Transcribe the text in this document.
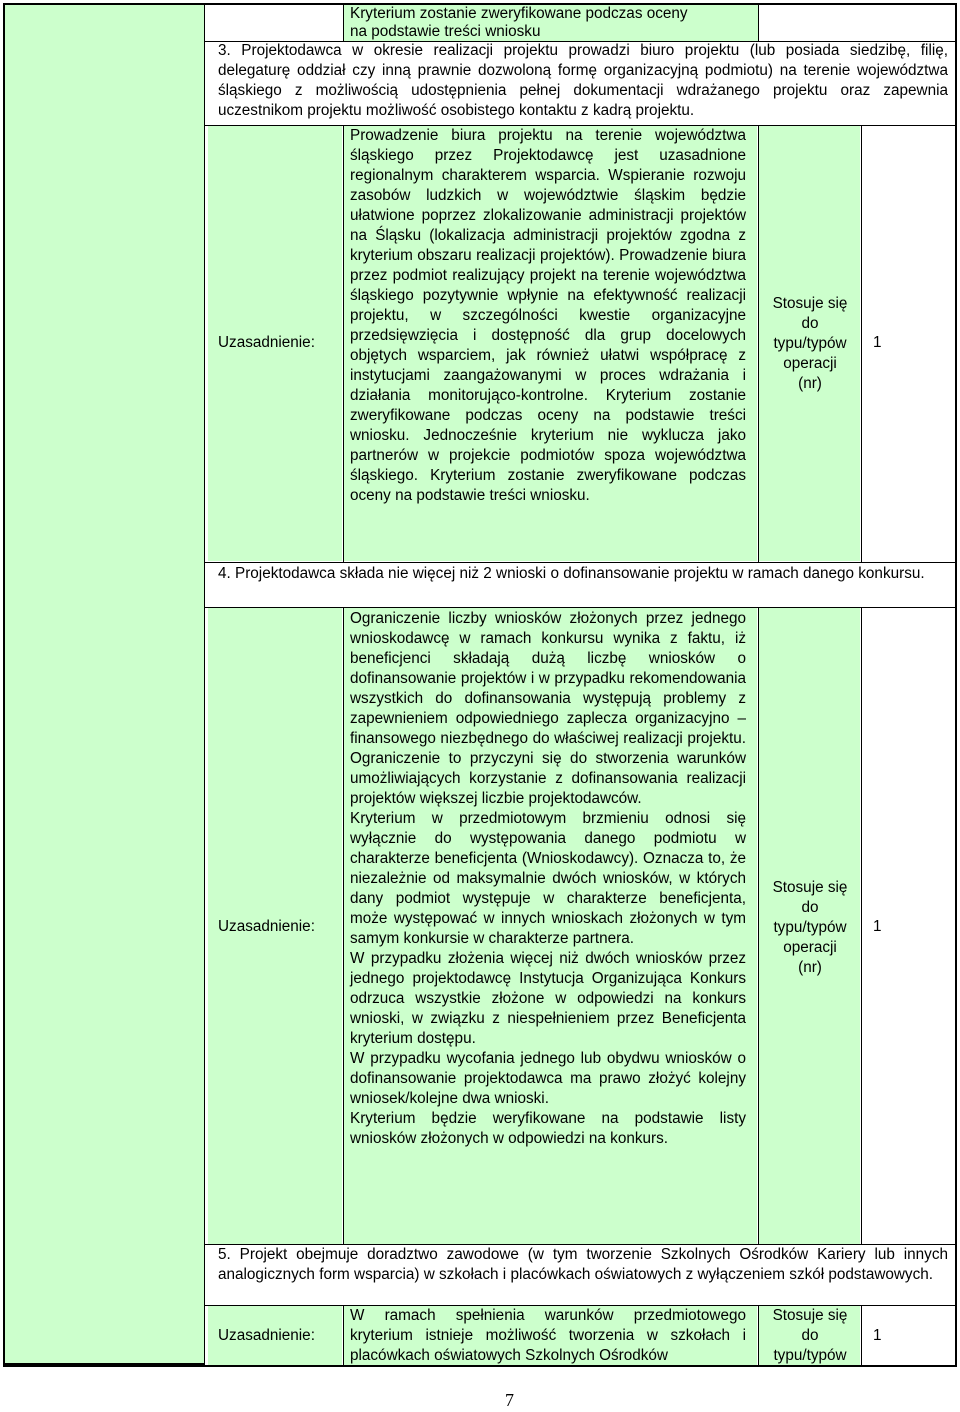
Kryterium zostanie zweryfikowane podczas oceny
na podstawie treści wniosku
3. Projektodawca w okresie realizacji projektu prowadzi biuro projektu (lub posiada siedzibę, filię, delegaturę oddział czy inną prawnie dozwoloną formę organizacyjną podmiotu) na terenie województwa śląskiego z możliwością udostępnienia pełnej dokumentacji wdrażanego projektu oraz zapewnia uczestnikom projektu możliwość osobistego kontaktu z kadrą projektu.
Uzasadnienie:
Prowadzenie biura projektu na terenie województwa śląskiego przez Projektodawcę jest uzasadnione regionalnym charakterem wsparcia. Wspieranie rozwoju zasobów ludzkich w województwie śląskim będzie ułatwione poprzez zlokalizowanie administracji projektów na Śląsku (lokalizacja administracji projektów zgodna z kryterium obszaru realizacji projektów). Prowadzenie biura przez podmiot realizujący projekt na terenie województwa śląskiego pozytywnie wpłynie na efektywność realizacji projektu, w szczególności kwestie organizacyjne przedsięwzięcia i dostępność dla grup docelowych objętych wsparciem, jak również ułatwi współpracę z instytucjami zaangażowanymi w proces wdrażania i działania monitorująco-kontrolne. Kryterium zostanie zweryfikowane podczas oceny na podstawie treści wniosku. Jednocześnie kryterium nie wyklucza jako partnerów w projekcie podmiotów spoza województwa śląskiego. Kryterium zostanie zweryfikowane podczas oceny na podstawie treści wniosku.
Stosuje się
do
typu/typów
operacji
(nr)
1
4. Projektodawca składa nie więcej niż 2 wnioski o dofinansowanie projektu w ramach danego konkursu.
Uzasadnienie:
Ograniczenie liczby wniosków złożonych przez jednego wnioskodawcę w ramach konkursu wynika z faktu, iż beneficjenci składają dużą liczbę wniosków o dofinansowanie projektów i w przypadku rekomendowania wszystkich do dofinansowania występują problemy z zapewnieniem odpowiedniego zaplecza organizacyjno – finansowego niezbędnego do właściwej realizacji projektu. Ograniczenie to przyczyni się do stworzenia warunków umożliwiających korzystanie z dofinansowania realizacji projektów większej liczbie projektodawców.
Kryterium w przedmiotowym brzmieniu odnosi się wyłącznie do występowania danego podmiotu w charakterze beneficjenta (Wnioskodawcy). Oznacza to, że niezależnie od maksymalnie dwóch wniosków, w których dany podmiot występuje w charakterze beneficjenta, może występować w innych wnioskach złożonych w tym samym konkursie w charakterze partnera.
W przypadku złożenia więcej niż dwóch wniosków przez jednego projektodawcę Instytucja Organizująca Konkurs odrzuca wszystkie złożone w odpowiedzi na konkurs wnioski, w związku z niespełnieniem przez Beneficjenta kryterium dostępu.
W przypadku wycofania jednego lub obydwu wniosków o dofinansowanie projektodawca ma prawo złożyć kolejny wniosek/kolejne dwa wnioski.
Kryterium będzie weryfikowane na podstawie listy wniosków złożonych w odpowiedzi na konkurs.
Stosuje się
do
typu/typów
operacji
(nr)
1
5. Projekt obejmuje doradztwo zawodowe (w tym tworzenie Szkolnych Ośrodków Kariery lub innych analogicznych form wsparcia) w szkołach i placówkach oświatowych z wyłączeniem szkół podstawowych.
Uzasadnienie:
W ramach spełnienia warunków przedmiotowego kryterium istnieje możliwość tworzenia w szkołach i placówkach oświatowych Szkolnych Ośrodków
Stosuje się
do
typu/typów
1
7
